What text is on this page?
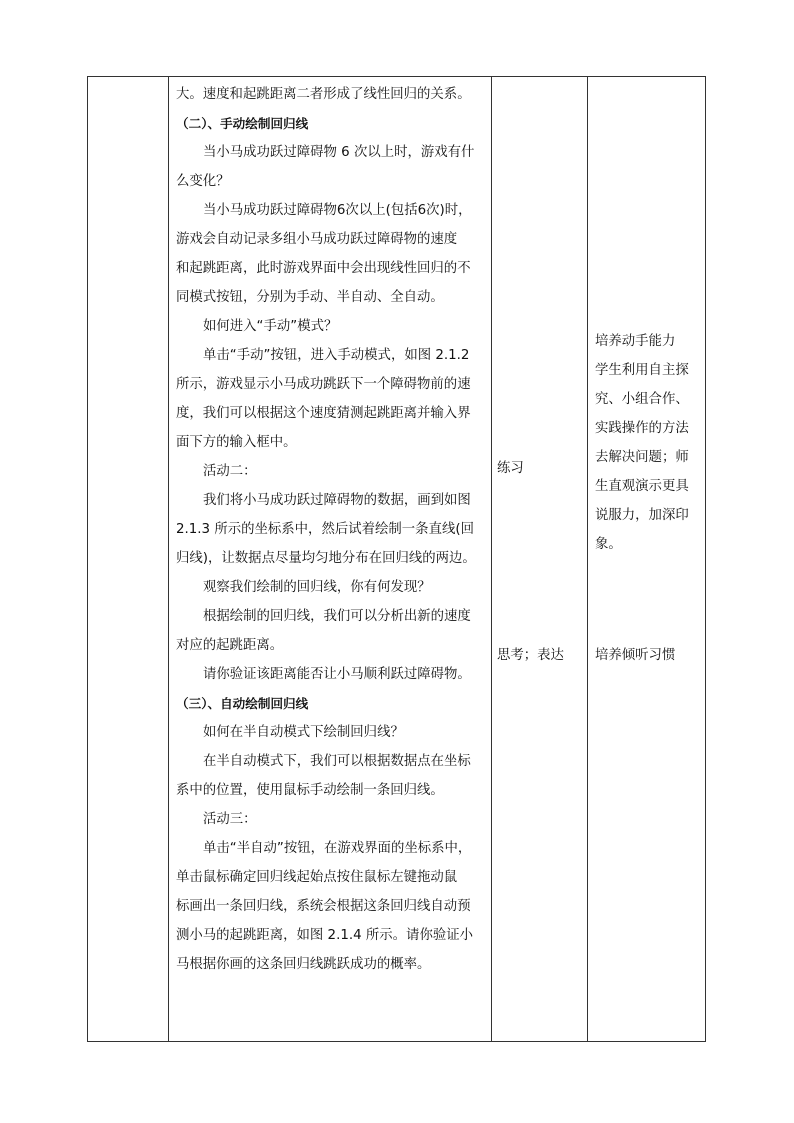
大。速度和起跳距离二者形成了线性回归的关系。
（二）、手动绘制回归线
当小马成功跃过障碍物 6 次以上时，游戏有什
么变化？
当小马成功跃过障碍物6次以上(包括6次)时，
游戏会自动记录多组小马成功跃过障碍物的速度
和起跳距离，此时游戏界面中会出现线性回归的不
同模式按钮，分别为手动、半自动、全自动。
如何进入“手动”模式？
单击“手动”按钮，进入手动模式，如图 2.1.2
所示，游戏显示小马成功跳跃下一个障碍物前的速
度，我们可以根据这个速度猜测起跳距离并输入界
面下方的输入框中。
活动二：
我们将小马成功跃过障碍物的数据，画到如图
2.1.3 所示的坐标系中，然后试着绘制一条直线(回
归线)，让数据点尽量均匀地分布在回归线的两边。
观察我们绘制的回归线，你有何发现？
根据绘制的回归线，我们可以分析出新的速度
对应的起跳距离。
请你验证该距离能否让小马顺利跃过障碍物。
（三）、自动绘制回归线
如何在半自动模式下绘制回归线？
在半自动模式下，我们可以根据数据点在坐标
系中的位置，使用鼠标手动绘制一条回归线。
活动三：
单击“半自动”按钮，在游戏界面的坐标系中，
单击鼠标确定回归线起始点按住鼠标左键拖动鼠
标画出一条回归线，系统会根据这条回归线自动预
测小马的起跳距离，如图 2.1.4 所示。请你验证小
马根据你画的这条回归线跳跃成功的概率。
练习
思考；表达
培养动手能力
学生利用自主探
究、小组合作、
实践操作的方法
去解决问题；师
生直观演示更具
说服力，加深印
象。
培养倾听习惯
